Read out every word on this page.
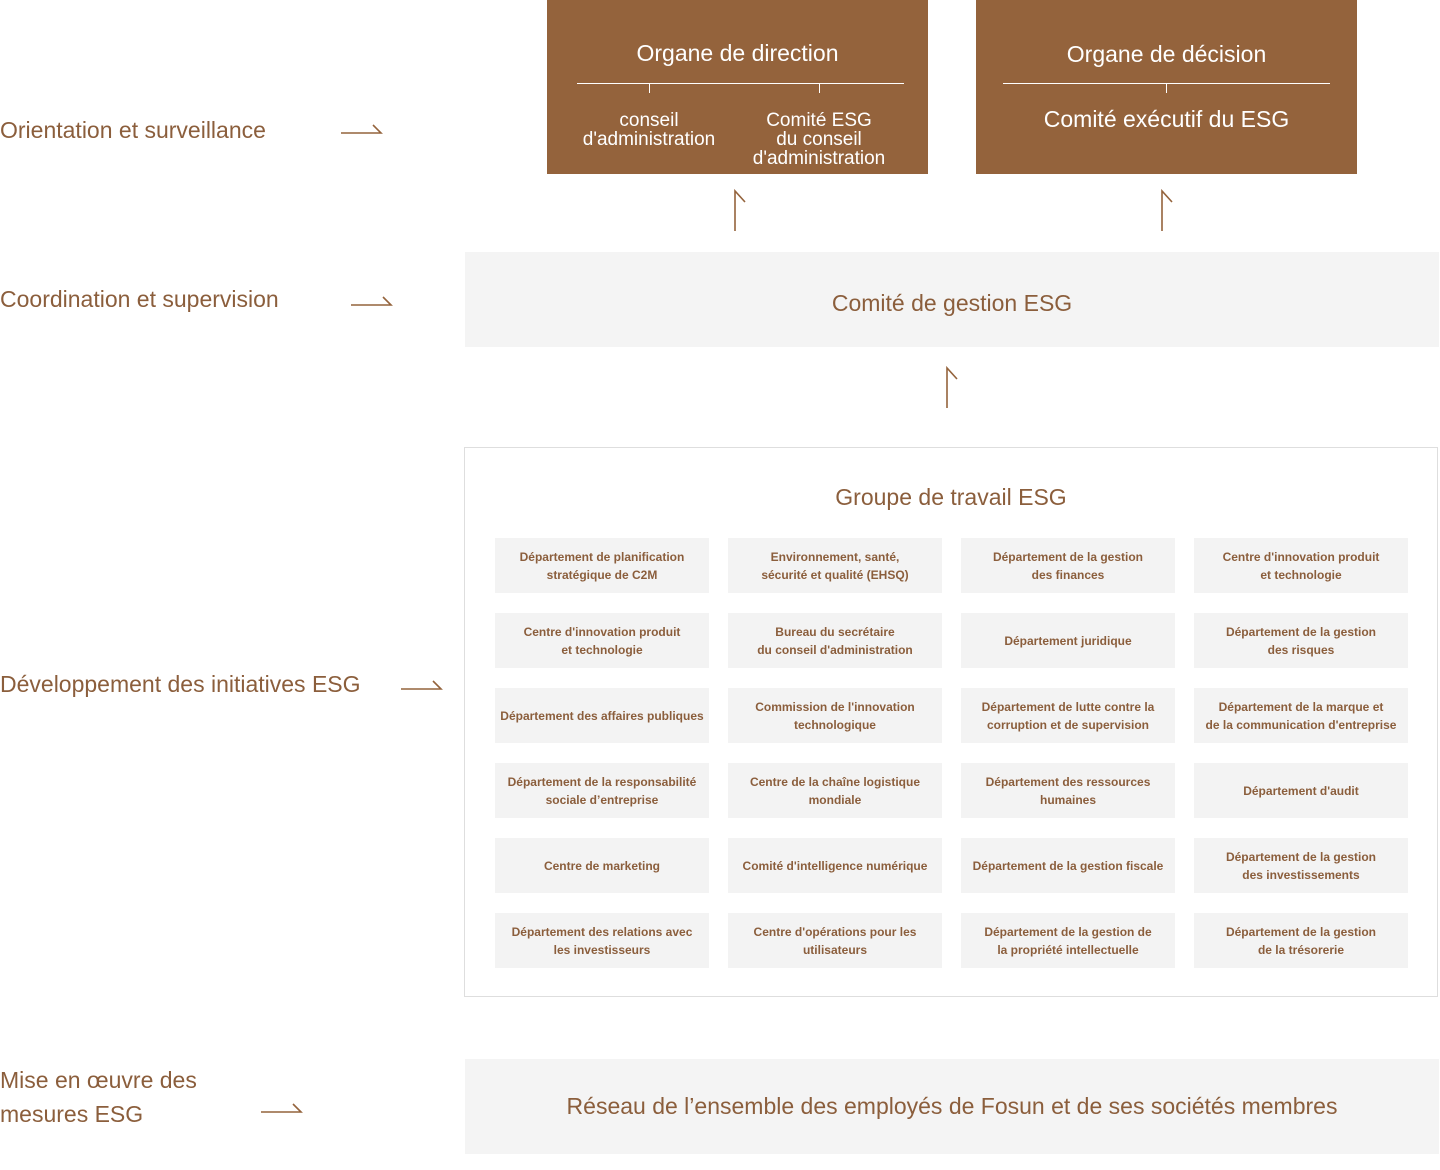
Orientation et surveillance
Coordination et supervision
Développement des initiatives ESG
Mise en œuvre des
mesures ESG
Organe de direction
conseil
d'administration
Comité ESG
du conseil
d'administration
Organe de décision
Comité exécutif du ESG
Comité de gestion ESG
Groupe de travail ESG
Département de planification
stratégique de C2M
Environnement, santé,
sécurité et qualité (EHSQ)
Département de la gestion
des finances
Centre d'innovation produit
et technologie
Centre d'innovation produit
et technologie
Bureau du secrétaire
du conseil d'administration
Département juridique
Département de la gestion
des risques
Département des affaires publiques
Commission de l'innovation
technologique
Département de lutte contre la
corruption et de supervision
Département de la marque et
de la communication d'entreprise
Département de la responsabilité
sociale d’entreprise
Centre de la chaîne logistique
mondiale
Département des ressources
humaines
Département d'audit
Centre de marketing	Comité d'intelligence numérique	Département de la gestion fiscale
Département de la gestion
des investissements
Département des relations avec
les investisseurs
Centre d'opérations pour les
utilisateurs
Département de la gestion de
la propriété intellectuelle
Département de la gestion
de la trésorerie
Réseau de l’ensemble des employés de Fosun et de ses sociétés membres
